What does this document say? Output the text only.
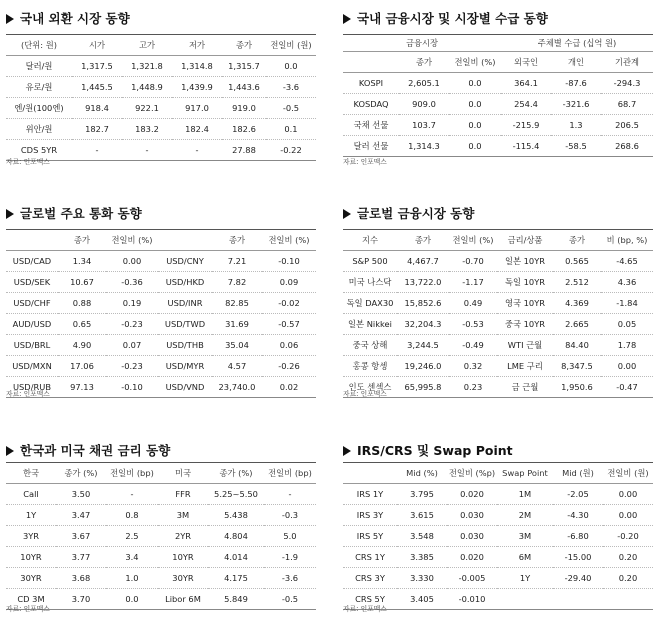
국내 외환 시장 동향
(단위: 원)	시가	고가	저가	종가	전일비 (원)
달러/원	1,317.5	1,321.8	1,314.8	1,315.7	0.0
유로/원	1,445.5	1,448.9	1,439.9	1,443.6	-3.6
엔/원(100엔)	918.4	922.1	917.0	919.0	-0.5
위안/원	182.7	183.2	182.4	182.6	0.1
CDS 5YR	-	-	-	27.88	-0.22
자료: 인포맥스
국내 금융시장 및 시장별 수급 동향
금융시장			주체별 수급 (십억 원)		
	종가	전일비 (%)	외국인	개인	기관계
KOSPI	2,605.1	0.0	364.1	-87.6	-294.3
KOSDAQ	909.0	0.0	254.4	-321.6	68.7
국채 선물	103.7	0.0	-215.9	1.3	206.5
달러 선물	1,314.3	0.0	-115.4	-58.5	268.6
자료: 인포맥스
글로벌 주요 통화 동향
	종가	전일비 (%)		종가	전일비 (%)
USD/CAD	1.34	0.00	USD/CNY	7.21	-0.10
USD/SEK	10.67	-0.36	USD/HKD	7.82	0.09
USD/CHF	0.88	0.19	USD/INR	82.85	-0.02
AUD/USD	0.65	-0.23	USD/TWD	31.69	-0.57
USD/BRL	4.90	0.07	USD/THB	35.04	0.06
USD/MXN	17.06	-0.23	USD/MYR	4.57	-0.26
USD/RUB	97.13	-0.10	USD/VND	23,740.0	0.02
자료: 인포맥스
글로벌 금융시장 동향
지수	종가	전일비 (%)	금리/상품	종가	비 (bp, %)
S&P 500	4,467.7	-0.70	일본 10YR	0.565	-4.65
미국 나스닥	13,722.0	-1.17	독일 10YR	2.512	4.36
독일 DAX30	15,852.6	0.49	영국 10YR	4.369	-1.84
일본 Nikkei	32,204.3	-0.53	중국 10YR	2.665	0.05
중국 상해	3,244.5	-0.49	WTI 근월	84.40	1.78
홍콩 항셍	19,246.0	0.32	LME 구리	8,347.5	0.00
인도 센섹스	65,995.8	0.23	금 근월	1,950.6	-0.47
자료: 인포맥스
한국과 미국 채권 금리 동향
한국	종가 (%)	전일비 (bp)	미국	종가 (%)	전일비 (bp)
Call	3.50	-	FFR	5.25~5.50	-
1Y	3.47	0.8	3M	5.438	-0.3
3YR	3.67	2.5	2YR	4.804	5.0
10YR	3.77	3.4	10YR	4.014	-1.9
30YR	3.68	1.0	30YR	4.175	-3.6
CD 3M	3.70	0.0	Libor 6M	5.849	-0.5
자료: 인포맥스
IRS/CRS 및 Swap Point
	Mid (%)	전일비 (%p)	Swap Point	Mid (원)	전일비 (원)
IRS 1Y	3.795	0.020	1M	-2.05	0.00
IRS 3Y	3.615	0.030	2M	-4.30	0.00
IRS 5Y	3.548	0.030	3M	-6.80	-0.20
CRS 1Y	3.385	0.020	6M	-15.00	0.20
CRS 3Y	3.330	-0.005	1Y	-29.40	0.20
CRS 5Y	3.405	-0.010			
자료: 인포맥스
